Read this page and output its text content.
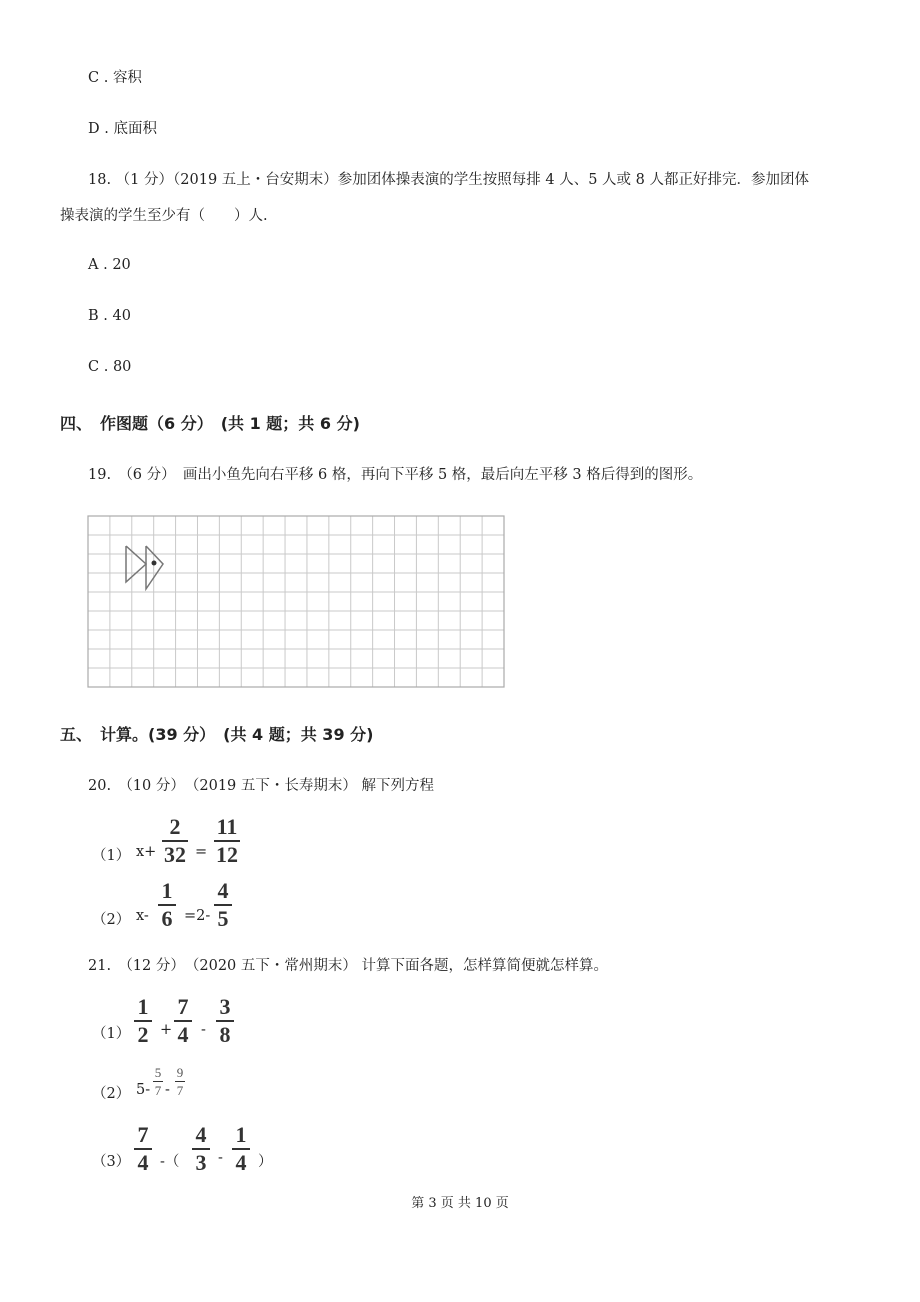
C . 容积
D . 底面积
18. （1 分）（2019 五上・台安期末）参加团体操表演的学生按照每排 4 人、5 人或 8 人都正好排完．参加团体
操表演的学生至少有（　　）人.
A . 20
B . 40
C . 80
四、　作图题（6 分）　(共 1 题；共 6 分)
19.　 （6 分）　 画出小鱼先向右平移 6 格，再向下平移 5 格，最后向左平移 3 格后得到的图形。
五、　计算。(39 分）　(共 4 题；共 39 分)
20.　 （10 分）　 （2019 五下・长寿期末） 解下列方程
（1） x+
2
32 =
11
12
（2） x-
1
6 =2-
4
5
21.　 （12 分）　 （2020 五下・常州期末） 计算下面各题，怎样算简便就怎样算。
（1）
1
2 +
7
4 -
3
8
（2） 5-
5
7 -
9
7
（3）
7
4 -（
4
3 -
1
4 ）
第 3 页 共 10 页
